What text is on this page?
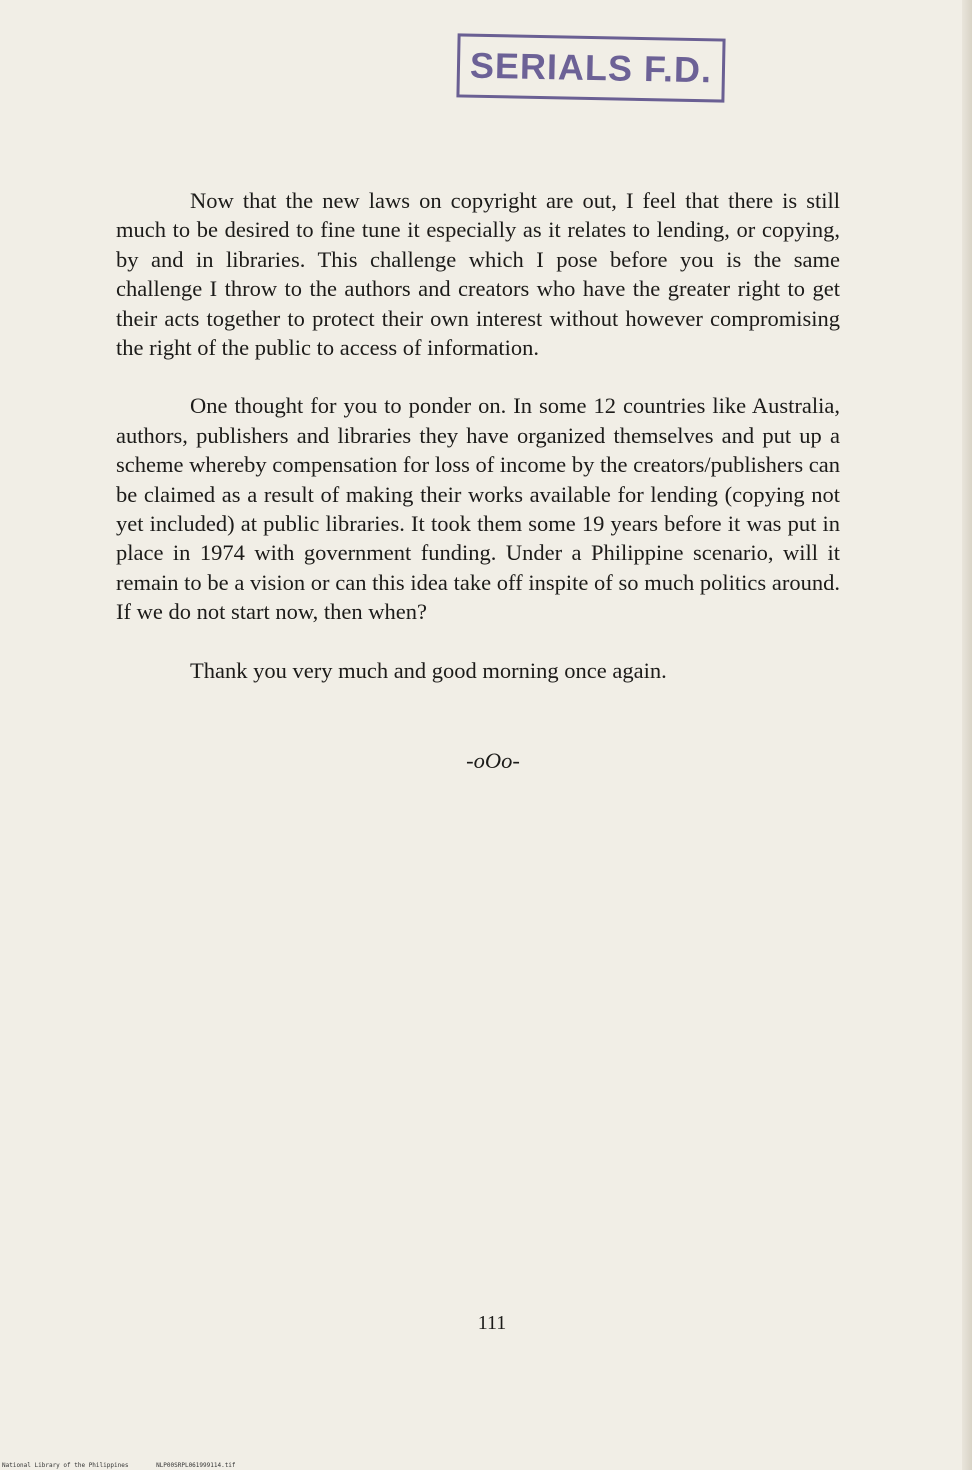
SERIALS F.D.

Now that the new laws on copyright are out, I feel that there is still much to be desired to fine tune it especially as it relates to lending, or copying, by and in libraries. This challenge which I pose before you is the same challenge I throw to the authors and creators who have the greater right to get their acts together to protect their own interest without however compromising the right of the public to access of information.

One thought for you to ponder on. In some 12 countries like Australia, authors, publishers and libraries they have organized themselves and put up a scheme whereby compensation for loss of income by the creators/publishers can be claimed as a result of making their works available for lending (copying not yet included) at public libraries. It took them some 19 years before it was put in place in 1974 with government funding. Under a Philippine scenario, will it remain to be a vision or can this idea take off inspite of so much politics around. If we do not start now, then when?

Thank you very much and good morning once again.

-oOo-
111
National Library of the Philippines	NLP00SRPL061999114.tif
